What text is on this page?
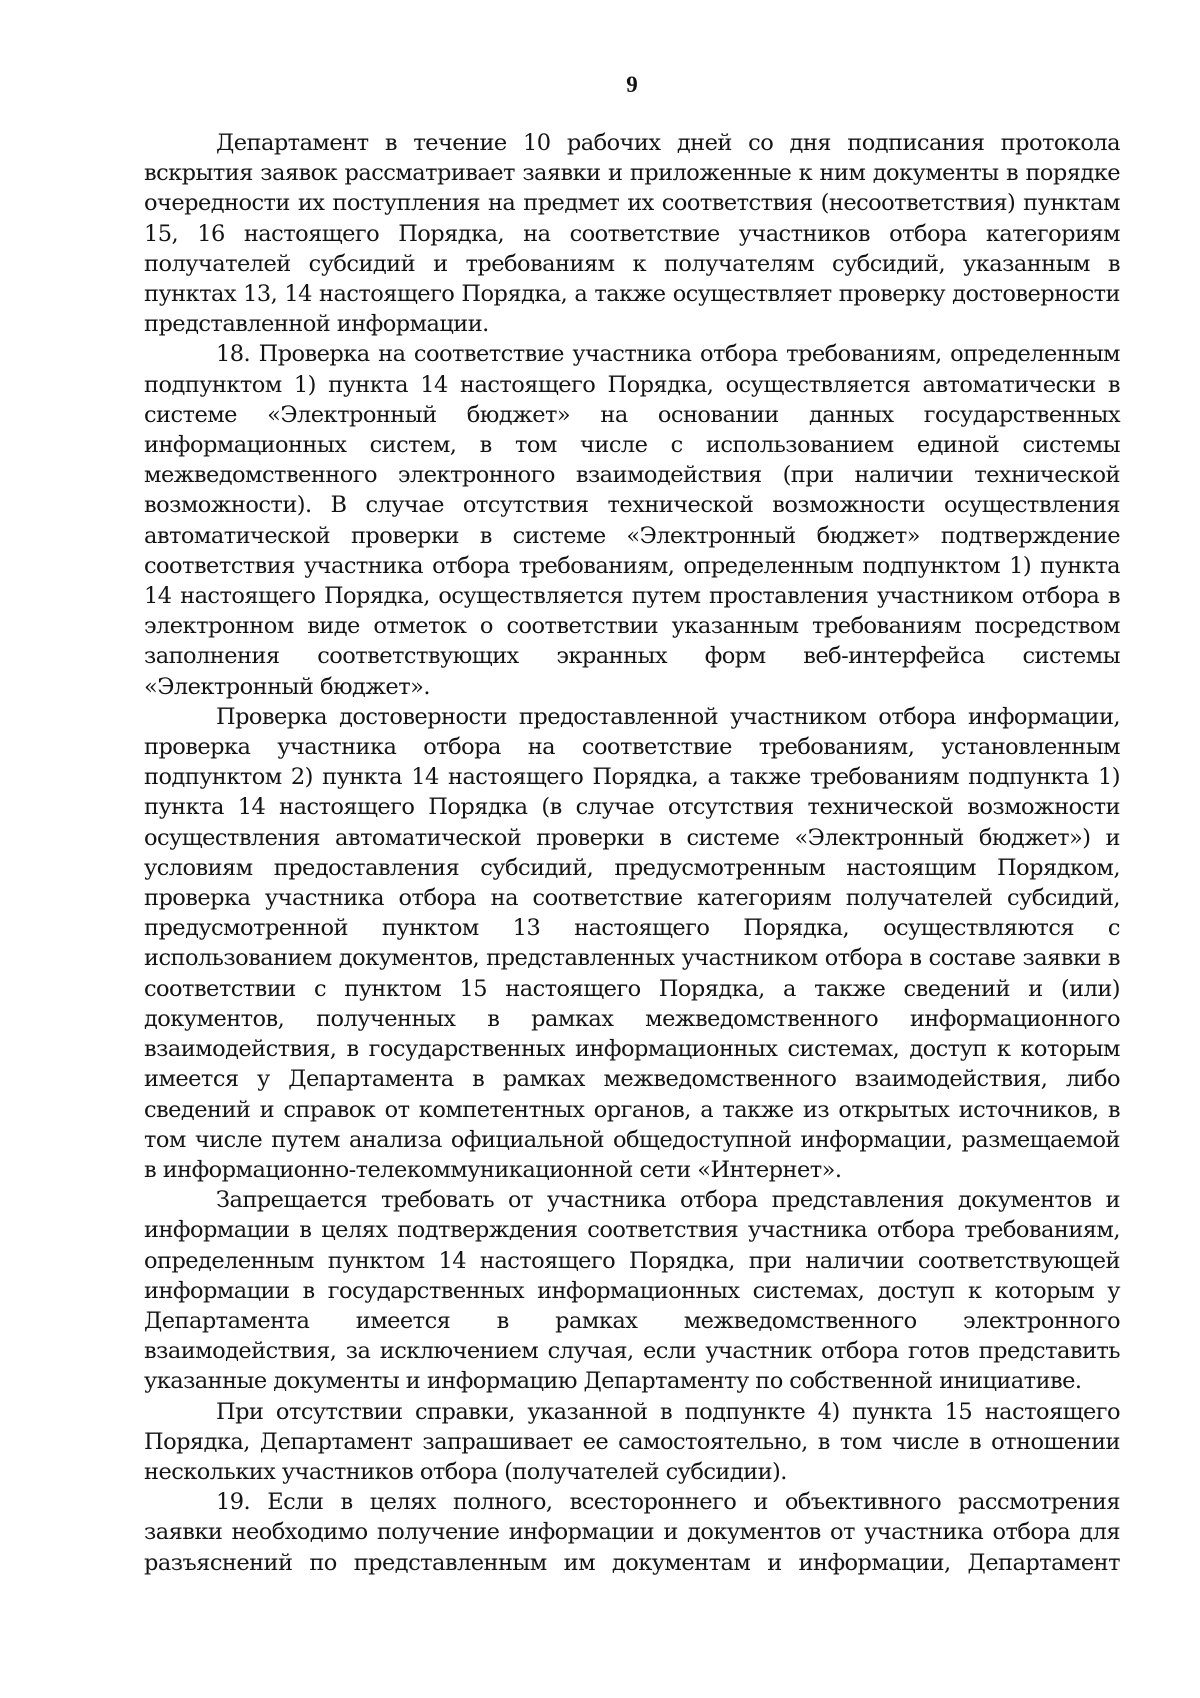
9

Департамент в течение 10 рабочих дней со дня подписания протокола вскрытия заявок рассматривает заявки и приложенные к ним документы в порядке очередности их поступления на предмет их соответствия (несоответствия) пунктам 15, 16 настоящего Порядка, на соответствие участников отбора категориям получателей субсидий и требованиям к получателям субсидий, указанным в пунктах 13, 14 настоящего Порядка, а также осуществляет проверку достоверности представленной информации.

18. Проверка на соответствие участника отбора требованиям, определенным подпунктом 1) пункта 14 настоящего Порядка, осуществляется автоматически в системе «Электронный бюджет» на основании данных государственных информационных систем, в том числе с использованием единой системы межведомственного электронного взаимодействия (при наличии технической возможности). В случае отсутствия технической возможности осуществления автоматической проверки в системе «Электронный бюджет» подтверждение соответствия участника отбора требованиям, определенным подпунктом 1) пункта 14 настоящего Порядка, осуществляется путем проставления участником отбора в электронном виде отметок о соответствии указанным требованиям посредством заполнения соответствующих экранных форм веб-интерфейса системы «Электронный бюджет».

Проверка достоверности предоставленной участником отбора информации, проверка участника отбора на соответствие требованиям, установленным подпунктом 2) пункта 14 настоящего Порядка, а также требованиям подпункта 1) пункта 14 настоящего Порядка (в случае отсутствия технической возможности осуществления автоматической проверки в системе «Электронный бюджет») и условиям предоставления субсидий, предусмотренным настоящим Порядком, проверка участника отбора на соответствие категориям получателей субсидий, предусмотренной пунктом 13 настоящего Порядка, осуществляются с использованием документов, представленных участником отбора в составе заявки в соответствии с пунктом 15 настоящего Порядка, а также сведений и (или) документов, полученных в рамках межведомственного информационного взаимодействия, в государственных информационных системах, доступ к которым имеется у Департамента в рамках межведомственного взаимодействия, либо сведений и справок от компетентных органов, а также из открытых источников, в том числе путем анализа официальной общедоступной информации, размещаемой в информационно-телекоммуникационной сети «Интернет».

Запрещается требовать от участника отбора представления документов и информации в целях подтверждения соответствия участника отбора требованиям, определенным пунктом 14 настоящего Порядка, при наличии соответствующей информации в государственных информационных системах, доступ к которым у Департамента имеется в рамках межведомственного электронного взаимодействия, за исключением случая, если участник отбора готов представить указанные документы и информацию Департаменту по собственной инициативе.

При отсутствии справки, указанной в подпункте 4) пункта 15 настоящего Порядка, Департамент запрашивает ее самостоятельно, в том числе в отношении нескольких участников отбора (получателей субсидии).

19. Если в целях полного, всестороннего и объективного рассмотрения заявки необходимо получение информации и документов от участника отбора для разъяснений по представленным им документам и информации, Департамент
